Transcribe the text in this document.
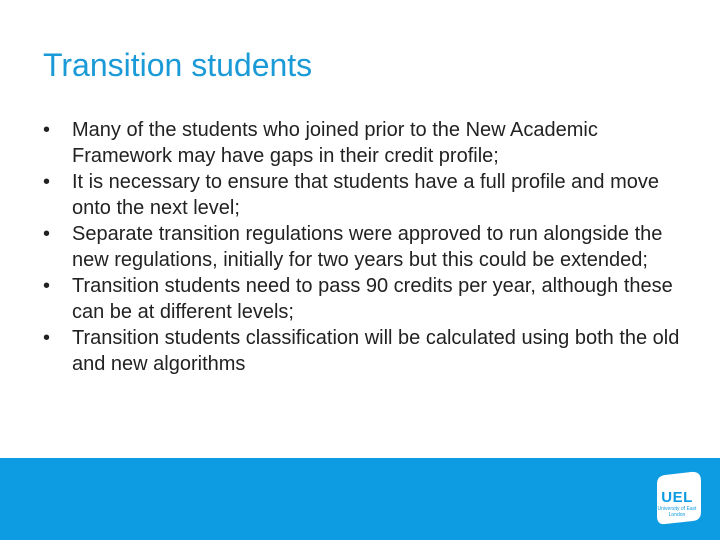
Transition students
• Many of the students who joined prior to the New Academic Framework may have gaps in their credit profile;
• It is necessary to ensure that students have a full profile and move onto the next level;
• Separate transition regulations were approved to run alongside the new regulations, initially for two years but this could be extended;
• Transition students need to pass 90 credits per year, although these can be at different levels;
• Transition students classification will be calculated using both the old and new algorithms
UEL
University of East London
